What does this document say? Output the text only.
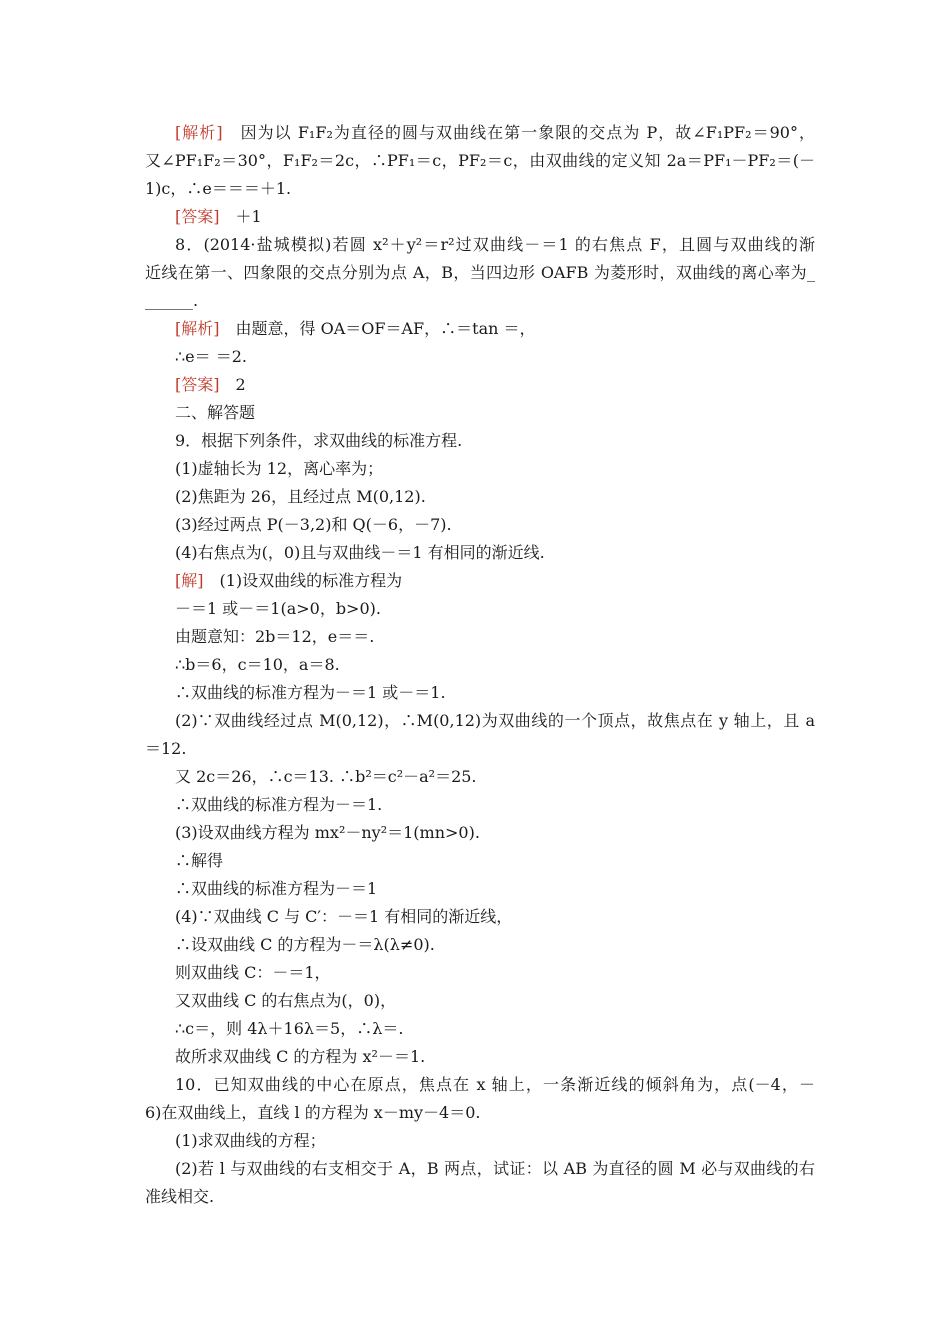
[解析]　因为以 F₁F₂为直径的圆与双曲线在第一象限的交点为 P，故∠F₁PF₂＝90°，
又∠PF₁F₂＝30°，F₁F₂＝2c，∴PF₁＝c，PF₂＝c，由双曲线的定义知 2a＝PF₁－PF₂＝(－
1)c，∴e＝＝＝＋1.
[答案]　＋1
8．(2014·盐城模拟)若圆 x²＋y²＝r²过双曲线－＝1 的右焦点 F，且圆与双曲线的渐
近线在第一、四象限的交点分别为点 A，B，当四边形 OAFB 为菱形时，双曲线的离心率为_
______.
[解析]　由题意，得 OA＝OF＝AF，∴＝tan ＝，
∴e＝ ＝2.
[答案]　2
二、解答题
9．根据下列条件，求双曲线的标准方程.
(1)虚轴长为 12，离心率为；
(2)焦距为 26，且经过点 M(0,12).
(3)经过两点 P(－3,2)和 Q(－6，－7).
(4)右焦点为(，0)且与双曲线－＝1 有相同的渐近线.
[解]　(1)设双曲线的标准方程为
－＝1 或－＝1(a>0，b>0).
由题意知：2b＝12，e＝＝.
∴b＝6，c＝10，a＝8.
∴双曲线的标准方程为－＝1 或－＝1.
(2)∵双曲线经过点 M(0,12)，∴M(0,12)为双曲线的一个顶点，故焦点在 y 轴上，且 a
＝12.
又 2c＝26，∴c＝13. ∴b²＝c²－a²＝25.
∴双曲线的标准方程为－＝1.
(3)设双曲线方程为 mx²－ny²＝1(mn>0).
∴解得
∴双曲线的标准方程为－＝1
(4)∵双曲线 C 与 C′：－＝1 有相同的渐近线，
∴设双曲线 C 的方程为－＝λ(λ≠0).
则双曲线 C：－＝1，
又双曲线 C 的右焦点为(，0)，
∴c＝，则 4λ＋16λ＝5，∴λ＝.
故所求双曲线 C 的方程为 x²－＝1.
10．已知双曲线的中心在原点，焦点在 x 轴上，一条渐近线的倾斜角为，点(－4，－
6)在双曲线上，直线 l 的方程为 x－my－4＝0.
(1)求双曲线的方程；
(2)若 l 与双曲线的右支相交于 A，B 两点，试证：以 AB 为直径的圆 M 必与双曲线的右
准线相交.
